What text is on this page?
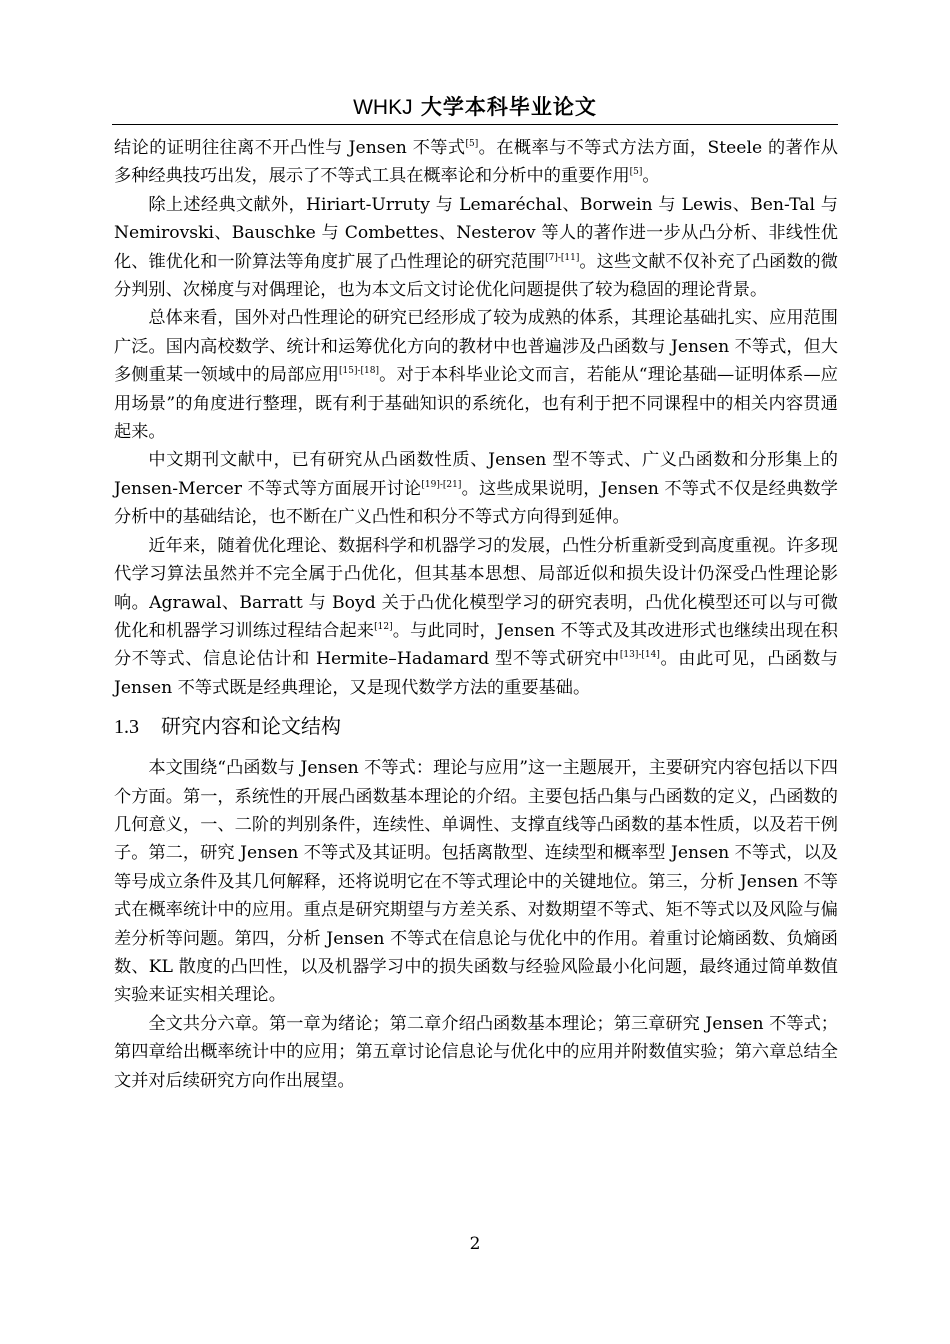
WHKJ 大学本科毕业论文

结论的证明往往离不开凸性与 Jensen 不等式[5]。在概率与不等式方法方面，Steele 的著作从多种经典技巧出发，展示了不等式工具在概率论和分析中的重要作用[5]。

除上述经典文献外，Hiriart-Urruty 与 Lemaréchal、Borwein 与 Lewis、Ben-Tal 与 Nemirovski、Bauschke 与 Combettes、Nesterov 等人的著作进一步从凸分析、非线性优化、锥优化和一阶算法等角度扩展了凸性理论的研究范围[7]-[11]。这些文献不仅补充了凸函数的微分判别、次梯度与对偶理论，也为本文后文讨论优化问题提供了较为稳固的理论背景。

总体来看，国外对凸性理论的研究已经形成了较为成熟的体系，其理论基础扎实、应用范围广泛。国内高校数学、统计和运筹优化方向的教材中也普遍涉及凸函数与 Jensen 不等式，但大多侧重某一领域中的局部应用[15]-[18]。对于本科毕业论文而言，若能从“理论基础—证明体系—应用场景”的角度进行整理，既有利于基础知识的系统化，也有利于把不同课程中的相关内容贯通起来。

中文期刊文献中，已有研究从凸函数性质、Jensen 型不等式、广义凸函数和分形集上的 Jensen-Mercer 不等式等方面展开讨论[19]-[21]。这些成果说明，Jensen 不等式不仅是经典数学分析中的基础结论，也不断在广义凸性和积分不等式方向得到延伸。

近年来，随着优化理论、数据科学和机器学习的发展，凸性分析重新受到高度重视。许多现代学习算法虽然并不完全属于凸优化，但其基本思想、局部近似和损失设计仍深受凸性理论影响。Agrawal、Barratt 与 Boyd 关于凸优化模型学习的研究表明，凸优化模型还可以与可微优化和机器学习训练过程结合起来[12]。与此同时，Jensen 不等式及其改进形式也继续出现在积分不等式、信息论估计和 Hermite–Hadamard 型不等式研究中[13]-[14]。由此可见，凸函数与 Jensen 不等式既是经典理论，又是现代数学方法的重要基础。

1.3 研究内容和论文结构

本文围绕“凸函数与 Jensen 不等式：理论与应用”这一主题展开，主要研究内容包括以下四个方面。第一，系统性的开展凸函数基本理论的介绍。主要包括凸集与凸函数的定义，凸函数的几何意义，一、二阶的判别条件，连续性、单调性、支撑直线等凸函数的基本性质，以及若干例子。第二，研究 Jensen 不等式及其证明。包括离散型、连续型和概率型 Jensen 不等式，以及等号成立条件及其几何解释，还将说明它在不等式理论中的关键地位。第三，分析 Jensen 不等式在概率统计中的应用。重点是研究期望与方差关系、对数期望不等式、矩不等式以及风险与偏差分析等问题。第四，分析 Jensen 不等式在信息论与优化中的作用。着重讨论熵函数、负熵函数、KL 散度的凸凹性，以及机器学习中的损失函数与经验风险最小化问题，最终通过简单数值实验来证实相关理论。

全文共分六章。第一章为绪论；第二章介绍凸函数基本理论；第三章研究 Jensen 不等式；第四章给出概率统计中的应用；第五章讨论信息论与优化中的应用并附数值实验；第六章总结全文并对后续研究方向作出展望。

2
